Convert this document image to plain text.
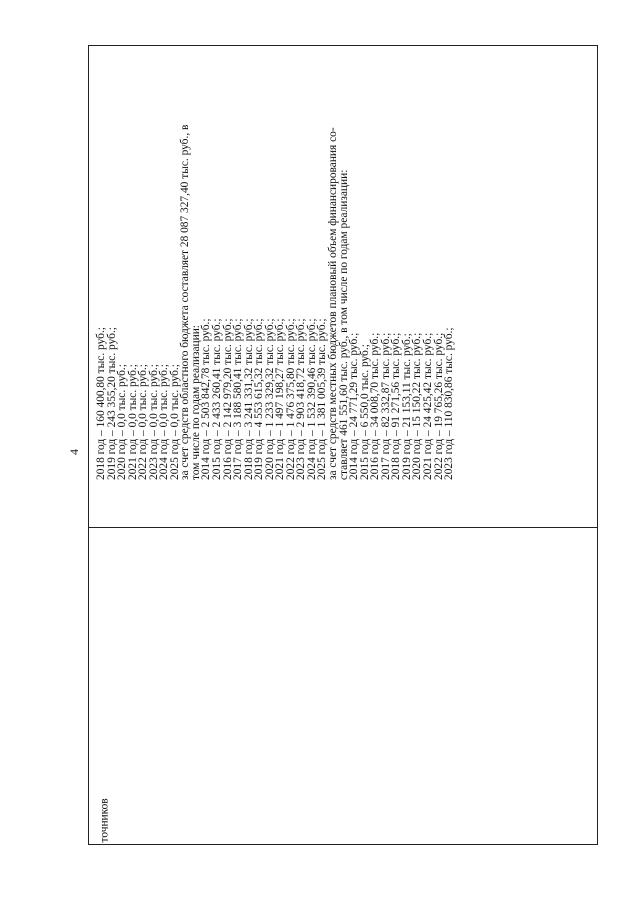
4
точников
2018 год – 160 400,80 тыс. руб.;
2019 год – 243 355,20 тыс. руб.;
2020 год – 0,0 тыс. руб.;
2021 год – 0,0 тыс. руб.;
2022 год – 0,0 тыс. руб.;
2023 год – 0,0 тыс. руб.;
2024 год – 0,0 тыс. руб.;
2025 год – 0,0 тыс. руб.;
за счет средств областного бюджета составляет 28 087 327,40 тыс. руб., в
том числе по годам реализации:
2014 год – 2 503 842,78 тыс. руб.;
2015 год – 2 433 260,41 тыс. руб.;
2016 год – 2 142 979,20 тыс. руб.;
2017 год – 3 188 580,41 тыс. руб.;
2018 год – 3 241 331,32 тыс. руб.;
2019 год – 4 553 615,32 тыс. руб.;
2020 год – 1 233 329,32 тыс. руб.;
2021 год – 1 497 198,27 тыс. руб.;
2022 год – 1 476 375,80 тыс. руб.;
2023 год – 2 903 418,72 тыс. руб.;
2024 год – 1 532 390,46 тыс. руб.;
2025 год – 1 381 005,39 тыс. руб.;
за счет средств местных бюджетов плановый объем финансирования со-
ставляет 461 551,60 тыс. руб., в том числе по годам реализации:
2014 год – 24 771,29 тыс. руб.;
2015 год – 6 550,0 тыс. руб.;
2016 год – 34 008,70 тыс. руб.;
2017 год – 82 332,87 тыс. руб.;
2018 год – 91 271,56 тыс. руб.;
2019 год – 21 153,11 тыс. руб.;
2020 год – 15 150,22 тыс. руб.;
2021 год – 24 425,42 тыс. руб.;
2022 год – 19 765,26 тыс. руб.;
2023 год – 110 830,86 тыс. руб.;
